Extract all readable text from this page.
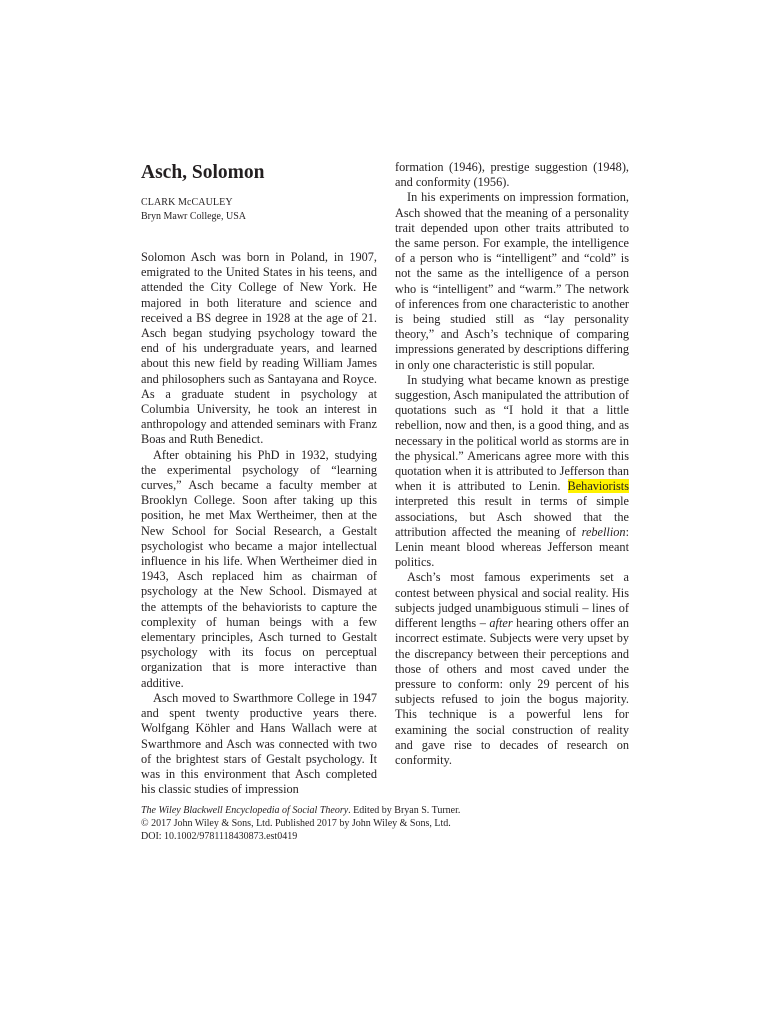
Asch, Solomon
CLARK McCAULEY
Bryn Mawr College, USA

Solomon Asch was born in Poland, in 1907, emigrated to the United States in his teens, and attended the City College of New York. He majored in both literature and science and received a BS degree in 1928 at the age of 21. Asch began studying psychology toward the end of his undergraduate years, and learned about this new field by reading William James and philosophers such as Santayana and Royce. As a graduate student in psychology at Columbia University, he took an interest in anthropology and attended seminars with Franz Boas and Ruth Benedict.

After obtaining his PhD in 1932, studying the experimental psychology of “learning curves,” Asch became a faculty member at Brooklyn College. Soon after taking up this position, he met Max Wertheimer, then at the New School for Social Research, a Gestalt psychologist who became a major intellectual influence in his life. When Wertheimer died in 1943, Asch replaced him as chairman of psychology at the New School. Dismayed at the attempts of the behaviorists to capture the complexity of human beings with a few elementary principles, Asch turned to Gestalt psychology with its focus on perceptual organization that is more interactive than additive.

Asch moved to Swarthmore College in 1947 and spent twenty productive years there. Wolfgang Köhler and Hans Wallach were at Swarthmore and Asch was connected with two of the brightest stars of Gestalt psychology. It was in this environment that Asch completed his classic studies of impression

formation (1946), prestige suggestion (1948), and conformity (1956).

In his experiments on impression formation, Asch showed that the meaning of a personality trait depended upon other traits attributed to the same person. For example, the intelligence of a person who is “intelligent” and “cold” is not the same as the intelligence of a person who is “intelligent” and “warm.” The network of inferences from one characteristic to another is being studied still as “lay personality theory,” and Asch’s technique of comparing impressions generated by descriptions differing in only one characteristic is still popular.

In studying what became known as prestige suggestion, Asch manipulated the attribution of quotations such as “I hold it that a little rebellion, now and then, is a good thing, and as necessary in the political world as storms are in the physical.” Americans agree more with this quotation when it is attributed to Jefferson than when it is attributed to Lenin. Behaviorists interpreted this result in terms of simple associations, but Asch showed that the attribution affected the meaning of rebellion: Lenin meant blood whereas Jefferson meant politics.

Asch’s most famous experiments set a contest between physical and social reality. His subjects judged unambiguous stimuli – lines of different lengths – after hearing others offer an incorrect estimate. Subjects were very upset by the discrepancy between their perceptions and those of others and most caved under the pressure to conform: only 29 percent of his subjects refused to join the bogus majority. This technique is a powerful lens for examining the social construction of reality and gave rise to decades of research on conformity.

The Wiley Blackwell Encyclopedia of Social Theory. Edited by Bryan S. Turner.
© 2017 John Wiley & Sons, Ltd. Published 2017 by John Wiley & Sons, Ltd.
DOI: 10.1002/9781118430873.est0419
